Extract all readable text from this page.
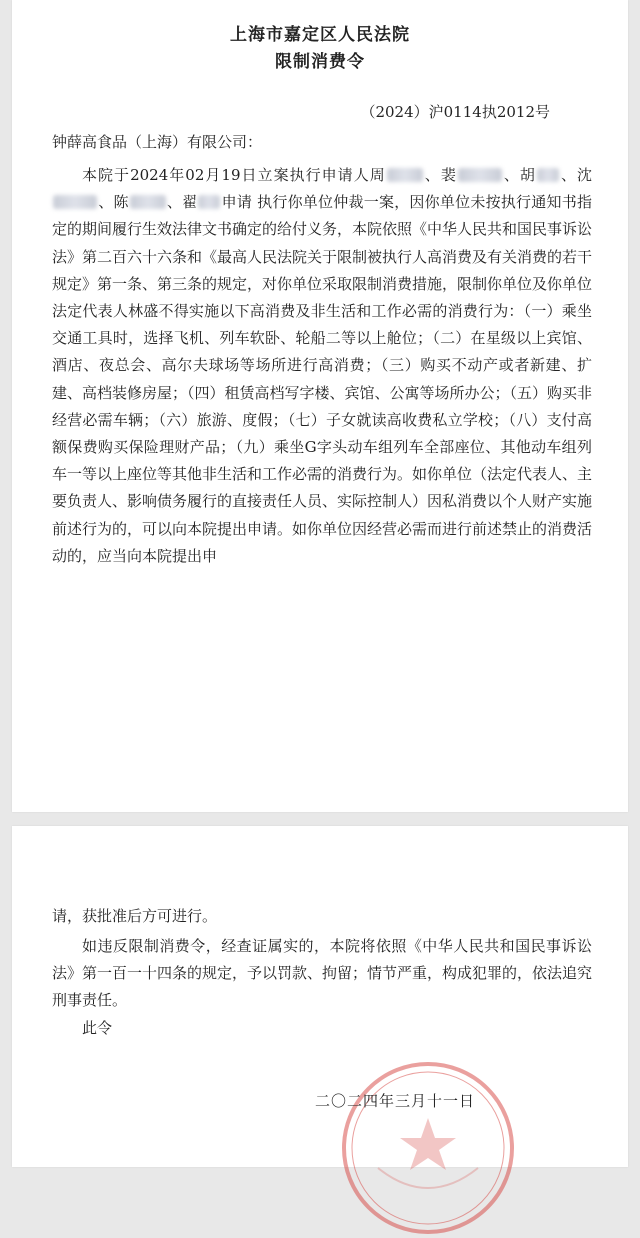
上海市嘉定区人民法院
限制消费令
（2024）沪0114执2012号
钟薛高食品（上海）有限公司：

本院于2024年02月19日立案执行申请人周	、裴	、胡 、沈、陈	、翟 申请 执行你单位仲裁一案，因你单位未按执行通知书指定的期间履行生效法律文书确定的给付义务，本院依照《中华人民共和国民事诉讼法》第二百六十六条和《最高人民法院关于限制被执行人高消费及有关消费的若干规定》第一条、第三条的规定，对你单位采取限制消费措施，限制你单位及你单位法定代表人林盛不得实施以下高消费及非生活和工作必需的消费行为：（一）乘坐交通工具时，选择飞机、列车软卧、轮船二等以上舱位；（二）在星级以上宾馆、酒店、夜总会、高尔夫球场等场所进行高消费；（三）购买不动产或者新建、扩建、高档装修房屋；（四）租赁高档写字楼、宾馆、公寓等场所办公；（五）购买非经营必需车辆；（六）旅游、度假；（七）子女就读高收费私立学校；（八）支付高额保费购买保险理财产品；（九）乘坐G字头动车组列车全部座位、其他动车组列车一等以上座位等其他非生活和工作必需的消费行为。如你单位（法定代表人、主要负责人、影响债务履行的直接责任人员、实际控制人）因私消费以个人财产实施前述行为的，可以向本院提出申请。如你单位因经营必需而进行前述禁止的消费活动的，应当向本院提出申

请，获批准后方可进行。

如违反限制消费令，经查证属实的，本院将依照《中华人民共和国民事诉讼法》第一百一十四条的规定，予以罚款、拘留；情节严重，构成犯罪的，依法追究刑事责任。

此令

二〇二四年三月十一日
